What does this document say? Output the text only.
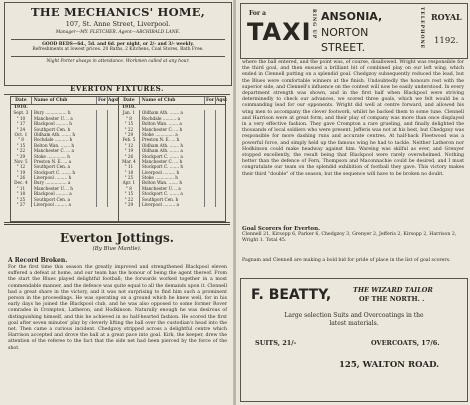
THE MECHANICS' HOME,
107, St. Anne Street, Liverpool.
Manager—MY. FLETCHER. Agent—ARCHIBALD LANE.
GOOD BEDS—6d., 5d. and 6d. per night, or 2/- and 3/- weekly.
Refreshments at lowest prices. 20 Baths, 2 Kitchens, Coal Stores, Bath Free.
Night Porter always in attendance. Workmen called at any hour.
EVERTON FIXTURES.
Date	Name of Club	For Agst
1910.
Sept. 3	Bury ................ h
" 10	Manchester U. .. a
" 17	Blackpool ......... h
" 24	Southport Cen. h
Oct. 1	Oldham Ath. ....... h
" 8	Rochdale .......... h
" 15	Bolton Wan. ....... h
" 22	Manchester C. ... a
" 29	Stoke .............. h
Nov. 5	Preston N. E. ... a
" 12	Southport Cen. a
" 19	Stockport C. ....... h
" 26	Liverpool ......... h
Dec. 4	Bury ................ a
" 11	Manchester U. .. h
" 18	Blackpool ......... a
" 25	Southport Cen. a
" 27	Liverpool ......... a
Date	Name of Club	For Agst
1910.
Jan. 1	Oldham Ath. ....... a
" 8	Rochdale .......... a
" 15	Bolton Wan. ....... a
" 22	Manchester C. ... h
" 29	Stoke .............. a
Feb. 5	Preston N. E. ... h
" 12	Oldham Ath. ....... h
" 19	Oldham Ath. ....... a
" 26	Stockport C. ....... a
Mar. 4	Manchester C. ... h
" 11	Stockport C. ....... h
" 18	Liverpool ......... h
" 25	Stoke .............. h
Apr. 1	Bolton Wan. ....... h
" 8	Manchester U. .. a
" 15	Stockport C. ....... a
" 22	Southport Cen. h
" 29	Liverpool ......... a
Everton Jottings.
(By Blue Mantle).
A Record Broken.
For the first time this season the greatly improved and strengthened Blackpool eleven suffered a defeat at home, and our team has the honour of being the agent thereof. From the start the Blues played delightful football; the forwards worked together in a most commendable manner, and the defence was quite equal to all the demands upon it. Clennell had a great share in the victory, and it was not surprising to find him such a prominent person in the proceedings. He was operating on a ground which he knew well, for in his early days he joined the Blackpool club, and he was also opposed to some former Rover comrades in Crompton, Latheron, and Hodkinson. Naturally enough he was desirous of distinguishing himself, and this he achieved in no half-hearted fashion. He scored the first goal after seven minutes' play by cleverly lifting the ball over the custodian's head into the net. Then came a curious incident. Chedgzoy stripped across a delightful centre which Harrison accepted and drove the ball at a great pace into goal. Kirk, the keeper, drew the attention of the referee to the fact that the side net had been pierced by the force of the shot.
For a
TAXI RING UP ANSONIA,
NORTON
STREET.	TELEPHONE ROYAL
1192.
where the ball entered, and the point was, of course, disallowed. Wright was responsible for the third goal, and then ensued a brilliant bit of combined play on our left wing, which ended in Clennell putting on a splendid goal. Chedgzoy subsequently reduced the lead, but the Blues were comfortable winners at the finish. Undoubtedly the honours rest with the superior side, and Clennell's influence on the contest will now be easily understood. In every department strength was shown, and in the first half when Blackpool were striving determinedly to check our advances, we scored three goals, which we felt would be a commanding lead for our opponents. Wright did well at centre forward, and allowed his wing men to accompany the clever footwork, whilst he backed them to some tune. Clennell and Harrison were at great form, and their play of company was more than once displayed in a very effective fashion. They gave Crompton a rare grueling, and finally delighted the thousands of local soldiers who were present. Jefferis was not at his best, but Chedgzoy was responsible for more dashing runs and accurate centres. At half-back Fleetwood was a powerful force, and simply held up the famous wing he had to tackle. Neither Latheron nor Hodkinson could make headway against him. Wareing was skilful as ever, and Grenyer stopped excellently, the result being that Blackpool were rarely overwhelmed. Nothing better than the defence of Fern, Thompson and Maconnachie could be desired, and I must congratulate our team on the splendid exhibition of football they gave. This victory makes their third "double" of the season, but the sequence will have to be broken no doubt.
Goal Scorers for Everton.
Clennell 21, Kirsopp 6, Parker 6, Chedgzoy 3, Grenyer 2, Jefferis 2, Kirsopp 2, Harrison 2, Wright 1. Total 45.
Pagnam and Clennell are making a bold bid for pride of place in the list of goal scorers.
F. BEATTY,	THE WIZARD TAILOR
OF THE NORTH. .
Large selection Suits and Overcoatings in the
latest materials.
SUITS, 21/-	OVERCOATS, 17/6.
125, WALTON ROAD.
